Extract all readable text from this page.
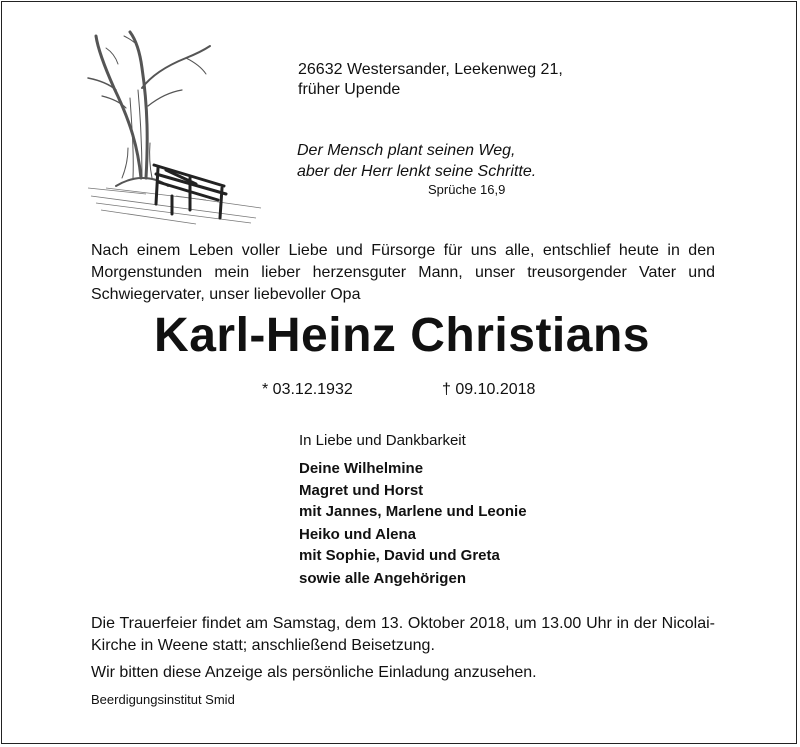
26632 Westersander, Leekenweg 21,
früher Upende
Der Mensch plant seinen Weg,
aber der Herr lenkt seine Schritte.
Sprüche 16,9
Nach einem Leben voller Liebe und Fürsorge für uns alle, entschlief heute in den Morgenstunden mein lieber herzensguter Mann, unser treusorgender Vater und Schwiegervater, unser liebevoller Opa
Karl-Heinz Christians
* 03.12.1932	† 09.10.2018
In Liebe und Dankbarkeit
Deine Wilhelmine
Magret und Horst
mit Jannes, Marlene und Leonie
Heiko und Alena
mit Sophie, David und Greta
sowie alle Angehörigen
Die Trauerfeier findet am Samstag, dem 13. Oktober 2018, um 13.00 Uhr in der Nicolai-Kirche in Weene statt; anschließend Beisetzung.
Wir bitten diese Anzeige als persönliche Einladung anzusehen.
Beerdigungsinstitut Smid
